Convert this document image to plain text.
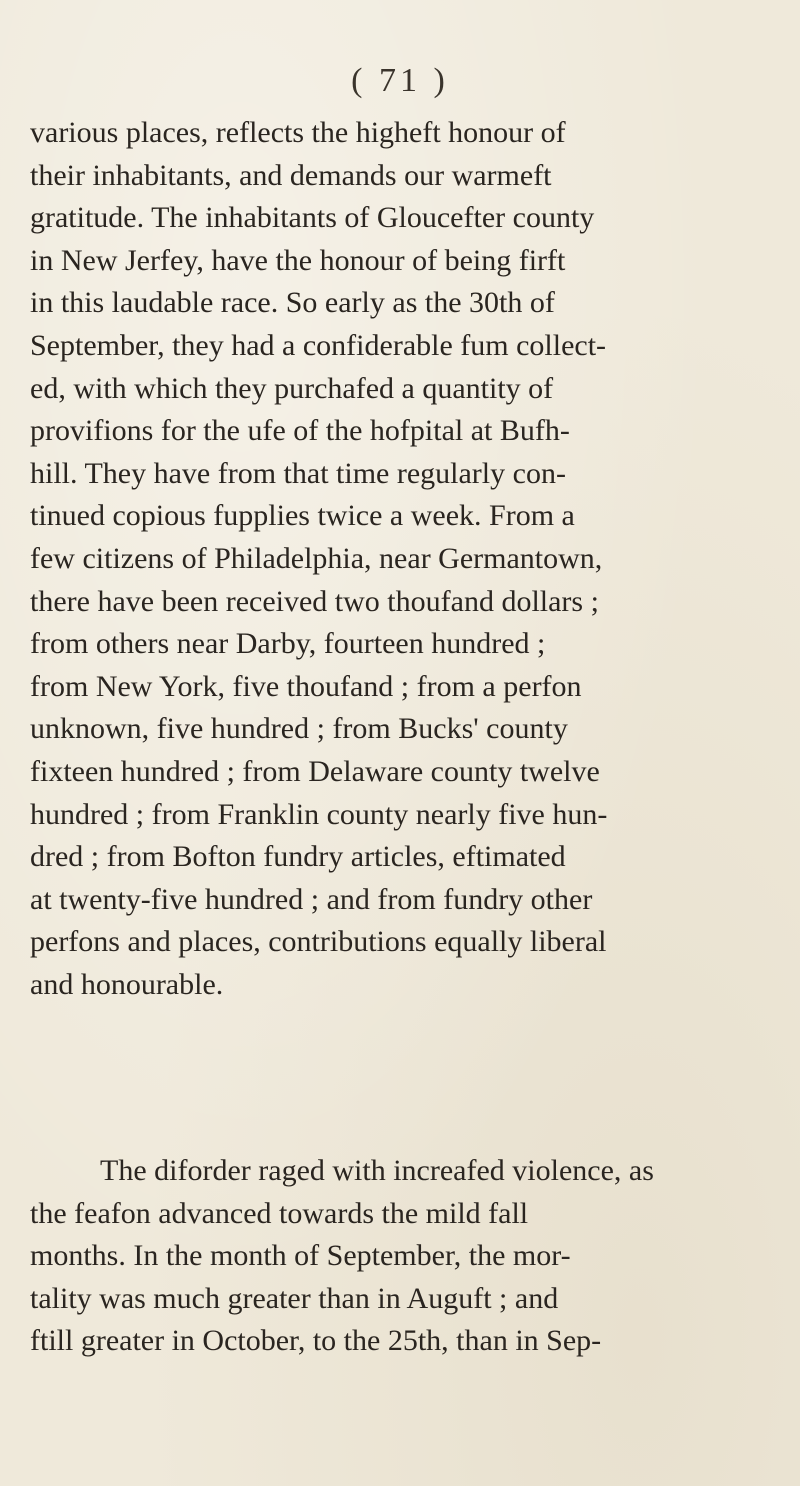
( 71 )
various places, reflects the higheft honour of
their inhabitants, and demands our warmeft
gratitude. The inhabitants of Gloucefter county
in New Jerfey, have the honour of being firft
in this laudable race. So early as the 30th of
September, they had a confiderable fum collect-
ed, with which they purchafed a quantity of
provifions for the ufe of the hofpital at Bufh-
hill. They have from that time regularly con-
tinued copious fupplies twice a week. From a
few citizens of Philadelphia, near Germantown,
there have been received two thoufand dollars ;
from others near Darby, fourteen hundred ;
from New York, five thoufand ; from a perfon
unknown, five hundred ; from Bucks' county
fixteen hundred ; from Delaware county twelve
hundred ; from Franklin county nearly five hun-
dred ; from Bofton fundry articles, eftimated
at twenty-five hundred ; and from fundry other
perfons and places, contributions equally liberal
and honourable.
The diforder raged with increafed violence, as
the feafon advanced towards the mild fall
months. In the month of September, the mor-
tality was much greater than in Auguft ; and
ftill greater in October, to the 25th, than in Sep-
